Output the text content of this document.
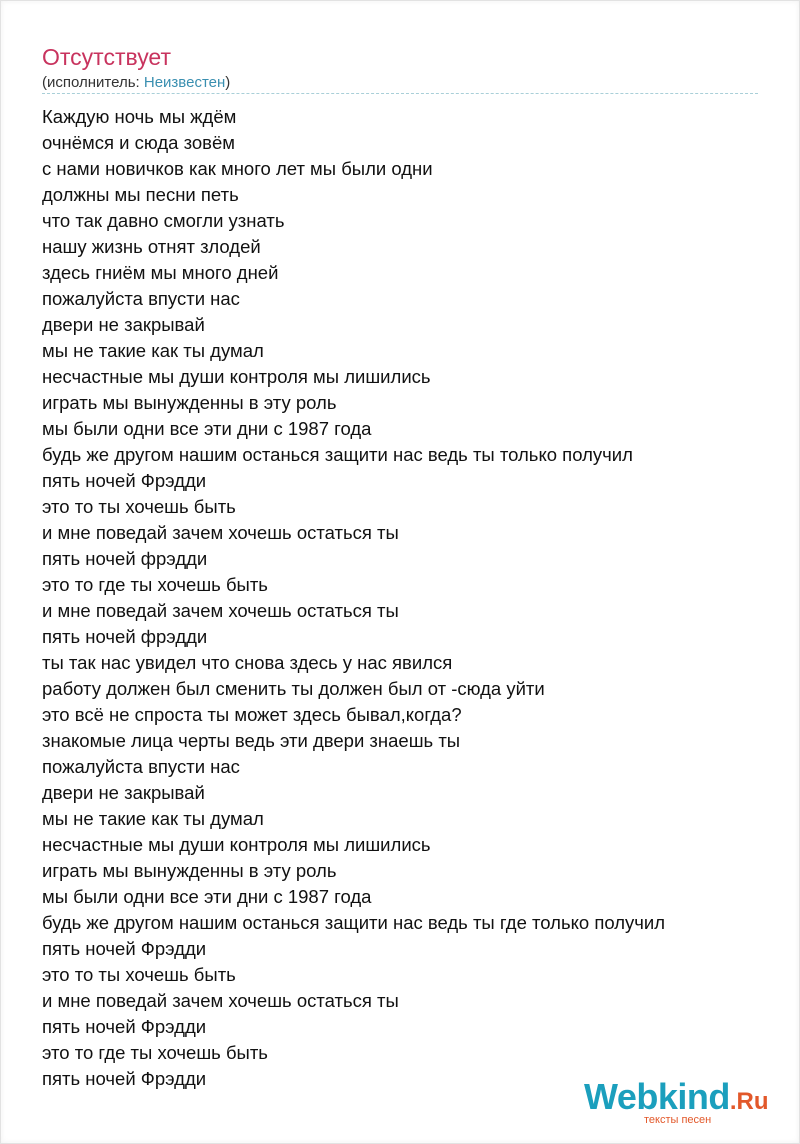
Отсутствует
(исполнитель: Неизвестен)
Каждую ночь мы ждём
очнёмся и сюда зовём
с нами новичков как много лет мы были одни
должны мы песни петь
что так давно смогли узнать
нашу жизнь отнят злодей
здесь гниём мы много дней
пожалуйста впусти нас
двери не закрывай
мы не такие как ты думал
несчастные мы души контроля мы лишились
играть мы вынужденны в эту роль
мы были одни все эти дни с 1987 года
будь же другом нашим останься защити нас ведь ты только получил
пять ночей Фрэдди
это то ты хочешь быть
и мне поведай зачем хочешь остаться ты
пять ночей фрэдди
это то где ты хочешь быть
и мне поведай зачем хочешь остаться ты
пять ночей фрэдди
ты так нас увидел что снова здесь у нас явился
работу должен был сменить ты должен был от -сюда уйти
это всё не спроста ты может здесь бывал,когда?
знакомые лица черты ведь эти двери знаешь ты
пожалуйста впусти нас
двери не закрывай
мы не такие как ты думал
несчастные мы души контроля мы лишились
играть мы вынужденны в эту роль
мы были одни все эти дни с 1987 года
будь же другом нашим останься защити нас ведь ты где только получил
пять ночей Фрэдди
это то ты хочешь быть
и мне поведай зачем хочешь остаться ты
пять ночей Фрэдди
это то где ты хочешь быть
пять ночей Фрэдди	Webkind.Ru
тексты песен
